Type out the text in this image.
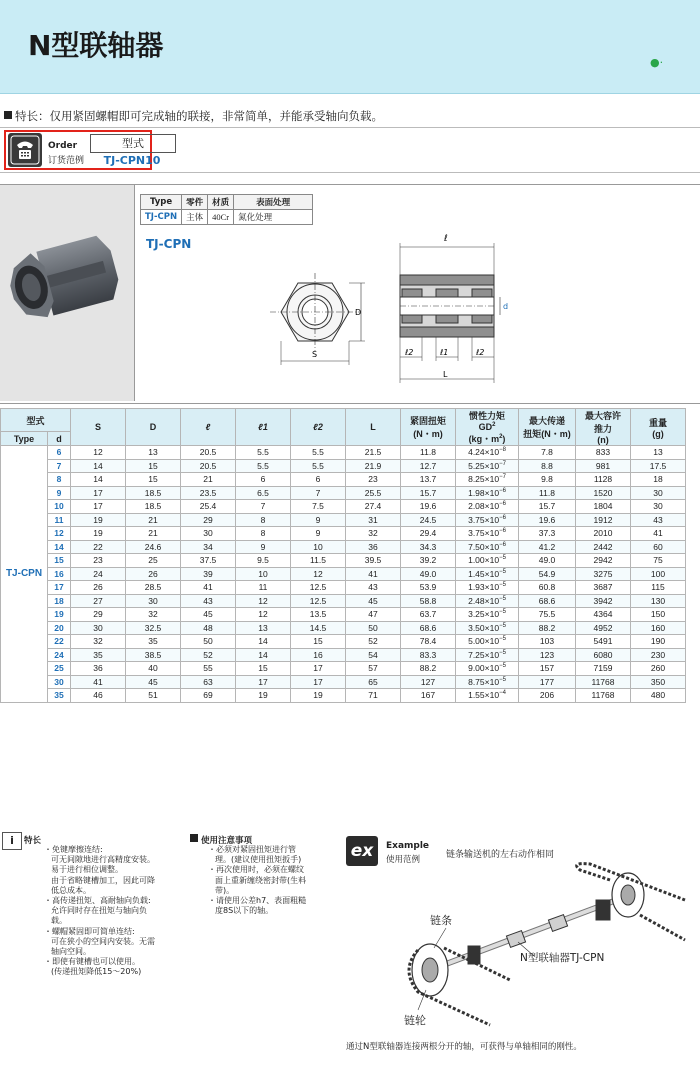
N型联轴器
●·
特长：仅用紧固螺帽即可完成轴的联接，非常简单，并能承受轴向负载。
Order
订货范例
型式
TJ-CPN10
Type	零件	材质	表面处理
TJ-CPN	主体	40Cr	氮化处理
TJ-CPN	ℓ
D
d
S	ℓ2	ℓ1	ℓ2
L
型式		S	D	ℓ	ℓ1	ℓ2	L	紧固扭矩
(N・m)	惯性力矩
$GD^2$
(kg・$m^2$)	最大传递
扭矩(N・m)	最大容许
推力
(n)	重量
(g)
Type	d											
TJ-CPN	6	12	13	20.5	5.5	5.5	21.5	11.8	$4.24\times 10^{-8}$	7.8	833	13
	7	14	15	20.5	5.5	5.5	21.9	12.7	$5.25\times 10^{-7}$	8.8	981	17.5
	8	14	15	21	6	6	23	13.7	$8.25\times 10^{-7}$	9.8	1128	18
	9	17	18.5	23.5	6.5	7	25.5	15.7	$1.98\times 10^{-6}$	11.8	1520	30
	10	17	18.5	25.4	7	7.5	27.4	19.6	$2.08\times 10^{-6}$	15.7	1804	30
	11	19	21	29	8	9	31	24.5	$3.75\times 10^{-6}$	19.6	1912	43
	12	19	21	30	8	9	32	29.4	$3.75\times 10^{-6}$	37.3	2010	41
	14	22	24.6	34	9	10	36	34.3	$7.50\times 10^{-6}$	41.2	2442	60
	15	23	25	37.5	9.5	11.5	39.5	39.2	$1.00\times 10^{-5}$	49.0	2942	75
	16	24	26	39	10	12	41	49.0	$1.45\times 10^{-5}$	54.9	3275	100
	17	26	28.5	41	11	12.5	43	53.9	$1.93\times 10^{-5}$	60.8	3687	115
	18	27	30	43	12	12.5	45	58.8	$2.48\times 10^{-5}$	68.6	3942	130
	19	29	32	45	12	13.5	47	63.7	$3.25\times 10^{-5}$	75.5	4364	150
	20	30	32.5	48	13	14.5	50	68.6	$3.50\times 10^{-5}$	88.2	4952	160
	22	32	35	50	14	15	52	78.4	$5.00\times 10^{-5}$	103	5491	190
	24	35	38.5	52	14	16	54	83.3	$7.25\times 10^{-5}$	123	6080	230
	25	36	40	55	15	17	57	88.2	$9.00\times 10^{-5}$	157	7159	260
	30	41	45	63	17	17	65	127	$8.75\times 10^{-5}$	177	11768	350
	35	46	51	69	19	19	71	167	$1.55\times 10^{-4}$	206	11768	480
i	特长
・免键摩擦连结:
可无间隙地进行高精度安装。
易于进行相位调整。
由于省略键槽加工，因此可降
低总成本。
・高传递扭矩、高耐轴向负载:
允许同时存在扭矩与轴向负
载。
・螺帽紧固即可简单连结:
可在狭小的空间内安装。无需
轴向空间。
・即使有键槽也可以使用。
(传递扭矩降低15～20%)
使用注意事项
・必须对紧固扭矩进行管
理。(建议使用扭矩扳手)
・再次使用时，必须在螺纹
面上重新缠绕密封带(生料
带)。
・请使用公差h7、表面粗糙
度8S以下的轴。
ex	Example
使用范例	链条输送机的左右动作相同
链条
N型联轴器TJ-CPN
链轮
通过N型联轴器连接两根分开的轴，可获得与单轴相同的刚性。
